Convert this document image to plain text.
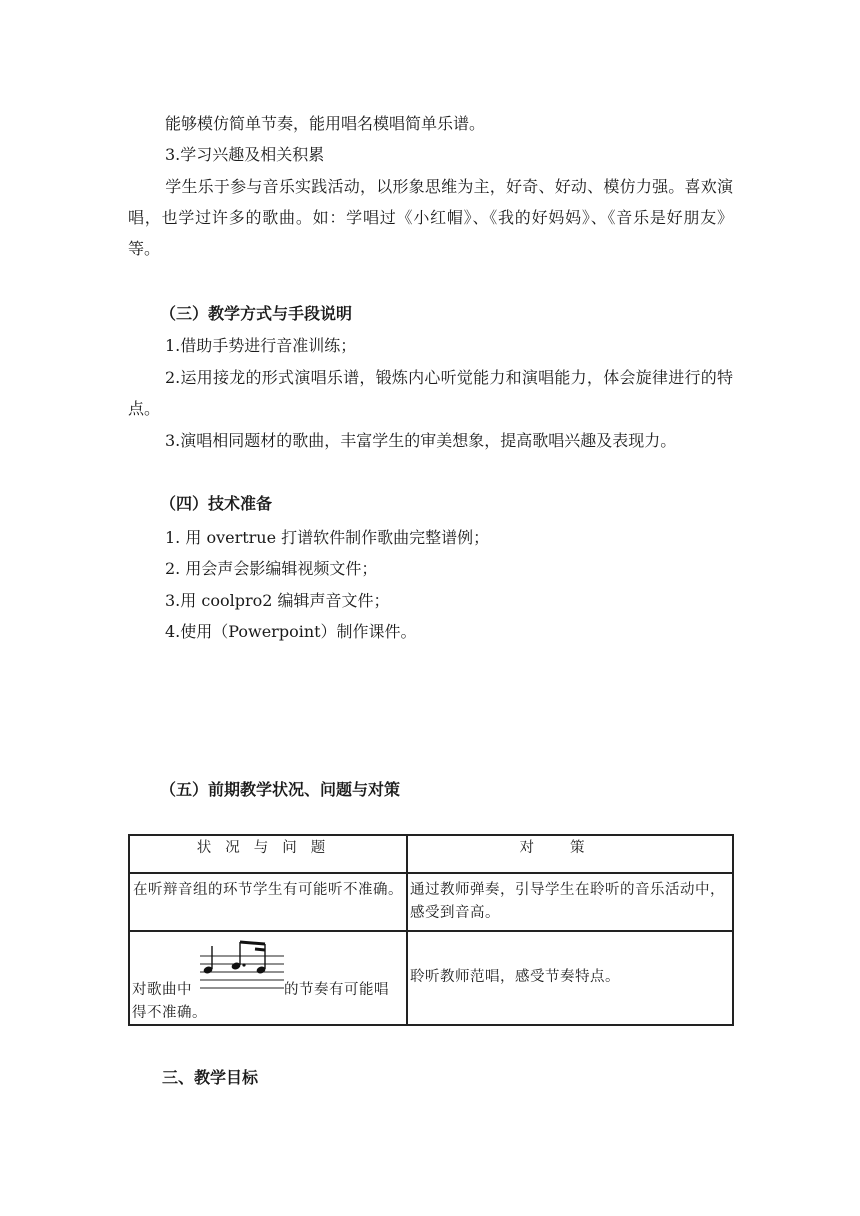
能够模仿简单节奏，能用唱名模唱简单乐谱。
3.学习兴趣及相关积累
学生乐于参与音乐实践活动，以形象思维为主，好奇、好动、模仿力强。喜欢演唱，也学过许多的歌曲。如：学唱过《小红帽》、《我的好妈妈》、《音乐是好朋友》等。
（三）教学方式与手段说明
1.借助手势进行音准训练；
2.运用接龙的形式演唱乐谱，锻炼内心听觉能力和演唱能力，体会旋律进行的特点。
3.演唱相同题材的歌曲，丰富学生的审美想象，提高歌唱兴趣及表现力。
（四）技术准备
1. 用 overtrue 打谱软件制作歌曲完整谱例；
2. 用会声会影编辑视频文件；
3.用 coolpro2 编辑声音文件；
4.使用（Powerpoint）制作课件。
（五）前期教学状况、问题与对策
状况与问题	对策

在听辩音组的环节学生有可能听不准确。	通过教师弹奏，引导学生在聆听的音乐活动中，感受到音高。

对歌曲中 的节奏有可能唱
得不准确。	聆听教师范唱，感受节奏特点。
三、教学目标
